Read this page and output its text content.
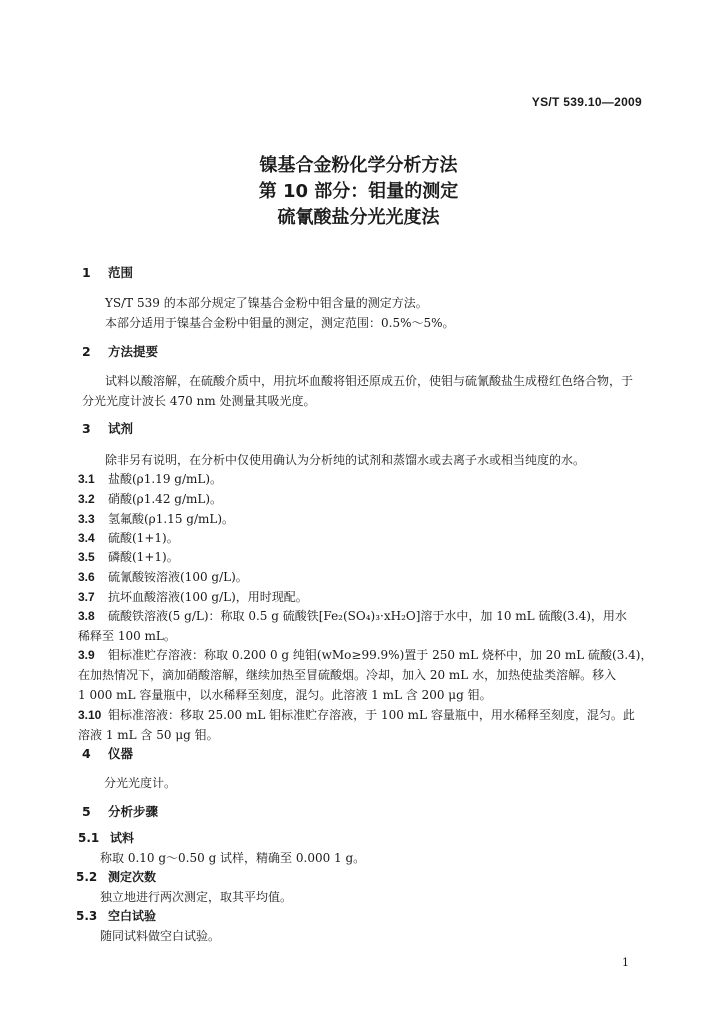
YS/T 539.10—2009
镍基合金粉化学分析方法
第 10 部分：钼量的测定
硫氰酸盐分光光度法
1 范围
YS/T 539 的本部分规定了镍基合金粉中钼含量的测定方法。
本部分适用于镍基合金粉中钼量的测定，测定范围：0.5%～5%。
2 方法提要
试料以酸溶解，在硫酸介质中，用抗坏血酸将钼还原成五价，使钼与硫氰酸盐生成橙红色络合物，于
分光光度计波长 470 nm 处测量其吸光度。
3 试剂
除非另有说明，在分析中仅使用确认为分析纯的试剂和蒸馏水或去离子水或相当纯度的水。
3.1 盐酸(ρ1.19 g/mL)。
3.2 硝酸(ρ1.42 g/mL)。
3.3 氢氟酸(ρ1.15 g/mL)。
3.4 硫酸(1+1)。
3.5 磷酸(1+1)。
3.6 硫氰酸铵溶液(100 g/L)。
3.7 抗坏血酸溶液(100 g/L)，用时现配。
3.8 硫酸铁溶液(5 g/L)：称取 0.5 g 硫酸铁[Fe₂(SO₄)₃·xH₂O]溶于水中，加 10 mL 硫酸(3.4)，用水
稀释至 100 mL。
3.9 钼标准贮存溶液：称取 0.200 0 g 纯钼(wMo≥99.9%)置于 250 mL 烧杯中，加 20 mL 硫酸(3.4)，
在加热情况下，滴加硝酸溶解，继续加热至冒硫酸烟。冷却，加入 20 mL 水，加热使盐类溶解。移入
1 000 mL 容量瓶中，以水稀释至刻度，混匀。此溶液 1 mL 含 200 μg 钼。
3.10 钼标准溶液：移取 25.00 mL 钼标准贮存溶液，于 100 mL 容量瓶中，用水稀释至刻度，混匀。此
溶液 1 mL 含 50 μg 钼。
4 仪器
分光光度计。
5 分析步骤
5.1 试料
称取 0.10 g～0.50 g 试样，精确至 0.000 1 g。
5.2 测定次数
独立地进行两次测定，取其平均值。
5.3 空白试验
随同试料做空白试验。
1
